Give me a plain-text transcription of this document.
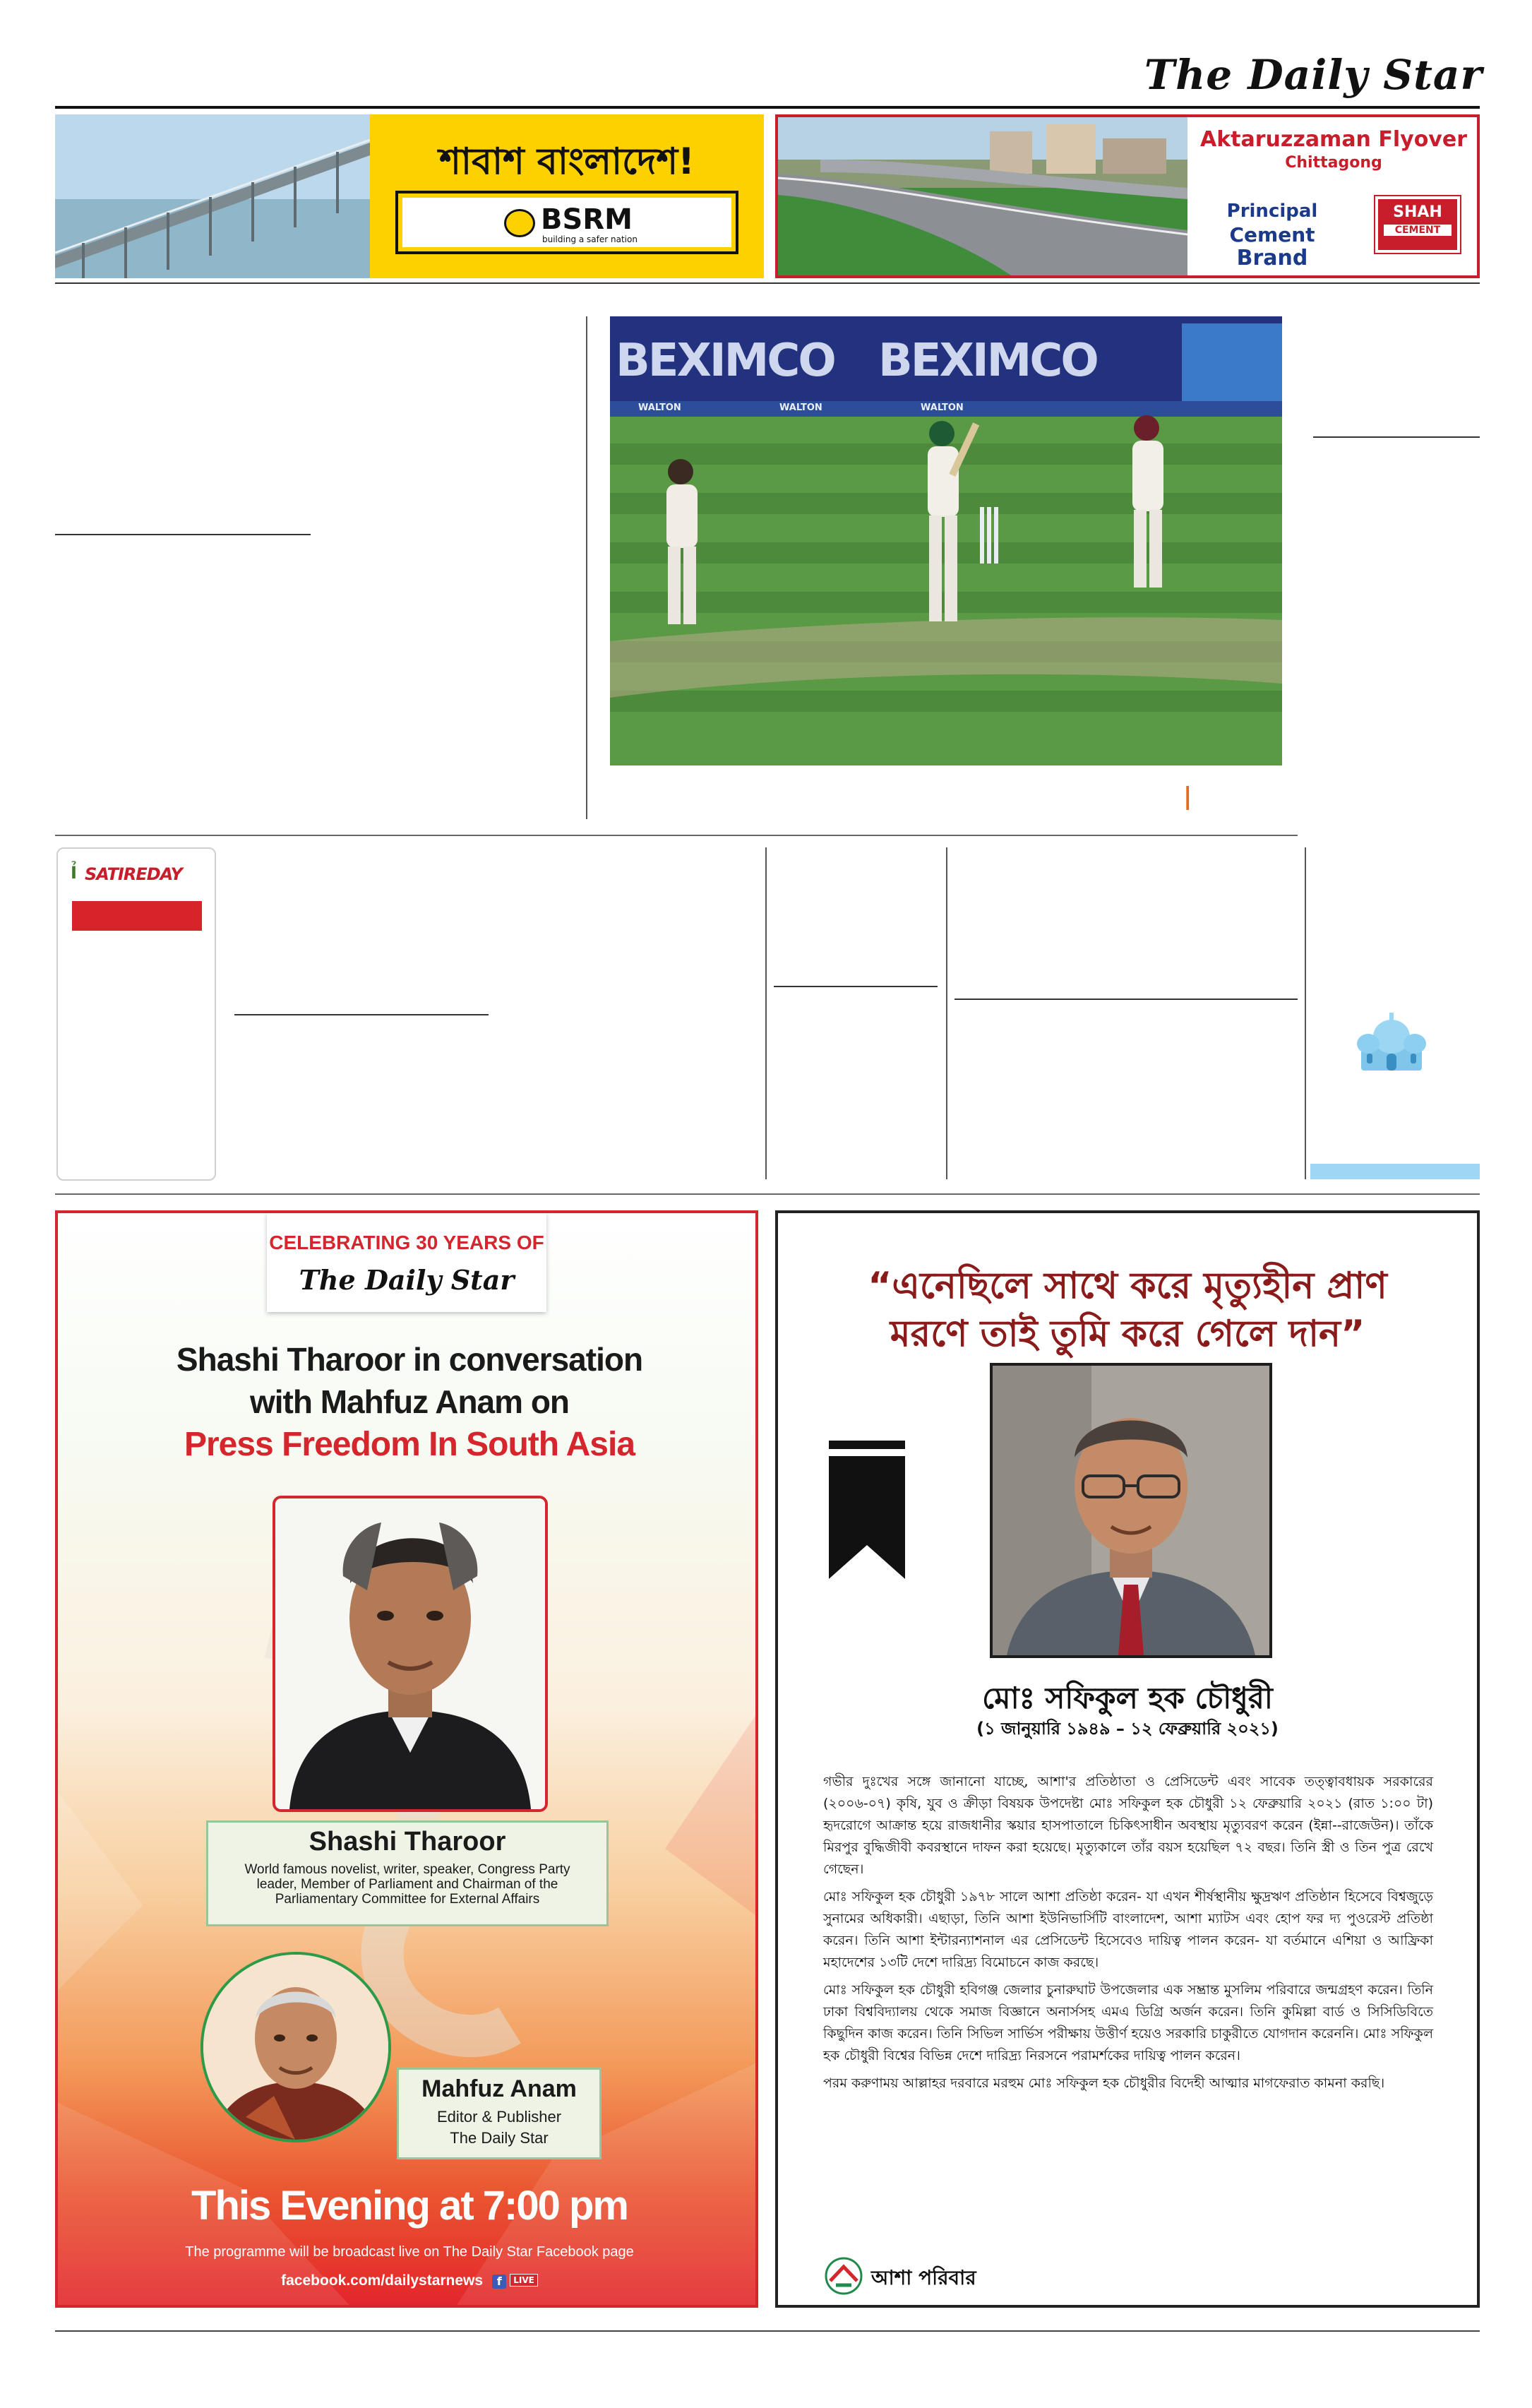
The Daily Star
শাবাশ বাংলাদেশ!
BSRM
building a safer nation
Aktaruzzaman Flyover
Chittagong
Principal
Cement
Brand
SHAH
CEMENT
BEXIMCO BEXIMCO
WALTON	WALTON	WALTON
|
Ỉ SATIREDAY
CELEBRATING 30 YEARS OF
The Daily Star
Shashi Tharoor in conversation
with Mahfuz Anam on
Press Freedom In South Asia
Shashi Tharoor
World famous novelist, writer, speaker, Congress Party leader, Member of Parliament and Chairman of the Parliamentary Committee for External Affairs
Mahfuz Anam
Editor & Publisher
The Daily Star
This Evening at 7:00 pm
The programme will be broadcast live on The Daily Star Facebook page
facebook.com/dailystarnews f LIVE
“এনেছিলে সাথে করে মৃত্যুহীন প্রাণ
মরণে তাই তুমি করে গেলে দান”
মোঃ সফিকুল হক চৌধুরী
(১ জানুয়ারি ১৯৪৯ – ১২ ফেব্রুয়ারি ২০২১)

গভীর দুঃখের সঙ্গে জানানো যাচ্ছে, আশা'র প্রতিষ্ঠাতা ও প্রেসিডেন্ট এবং সাবেক তত্ত্বাবধায়ক সরকারের (২০০৬-০৭) কৃষি, যুব ও ক্রীড়া বিষয়ক উপদেষ্টা মোঃ সফিকুল হক চৌধুরী ১২ ফেব্রুয়ারি ২০২১ (রাত ১:০০ টা) হৃদরোগে আক্রান্ত হয়ে রাজধানীর স্কয়ার হাসপাতালে চিকিৎসাধীন অবস্থায় মৃত্যুবরণ করেন (ইন্না--রাজেউন)। তাঁকে মিরপুর বুদ্ধিজীবী কবরস্থানে দাফন করা হয়েছে। মৃত্যুকালে তাঁর বয়স হয়েছিল ৭২ বছর। তিনি স্ত্রী ও তিন পুত্র রেখে গেছেন।

মোঃ সফিকুল হক চৌধুরী ১৯৭৮ সালে আশা প্রতিষ্ঠা করেন- যা এখন শীর্ষস্থানীয় ক্ষুদ্রঋণ প্রতিষ্ঠান হিসেবে বিশ্বজুড়ে সুনামের অধিকারী। এছাড়া, তিনি আশা ইউনিভার্সিটি বাংলাদেশ, আশা ম্যাটস এবং হোপ ফর দ্য পুওরেস্ট প্রতিষ্ঠা করেন। তিনি আশা ইন্টারন্যাশনাল এর প্রেসিডেন্ট হিসেবেও দায়িত্ব পালন করেন- যা বর্তমানে এশিয়া ও আফ্রিকা মহাদেশের ১৩টি দেশে দারিদ্র্য বিমোচনে কাজ করছে।

মোঃ সফিকুল হক চৌধুরী হবিগঞ্জ জেলার চুনারুঘাট উপজেলার এক সম্ভ্রান্ত মুসলিম পরিবারে জন্মগ্রহণ করেন। তিনি ঢাকা বিশ্ববিদ্যালয় থেকে সমাজ বিজ্ঞানে অনার্সসহ এমএ ডিগ্রি অর্জন করেন। তিনি কুমিল্লা বার্ড ও সিসিডিবিতে কিছুদিন কাজ করেন। তিনি সিভিল সার্ভিস পরীক্ষায় উত্তীর্ণ হয়েও সরকারি চাকুরীতে যোগদান করেননি। মোঃ সফিকুল হক চৌধুরী বিশ্বের বিভিন্ন দেশে দারিদ্র্য নিরসনে পরামর্শকের দায়িত্ব পালন করেন।

পরম করুণাময় আল্লাহর দরবারে মরহুম মোঃ সফিকুল হক চৌধুরীর বিদেহী আত্মার মাগফেরাত কামনা করছি।

আশা পরিবার
